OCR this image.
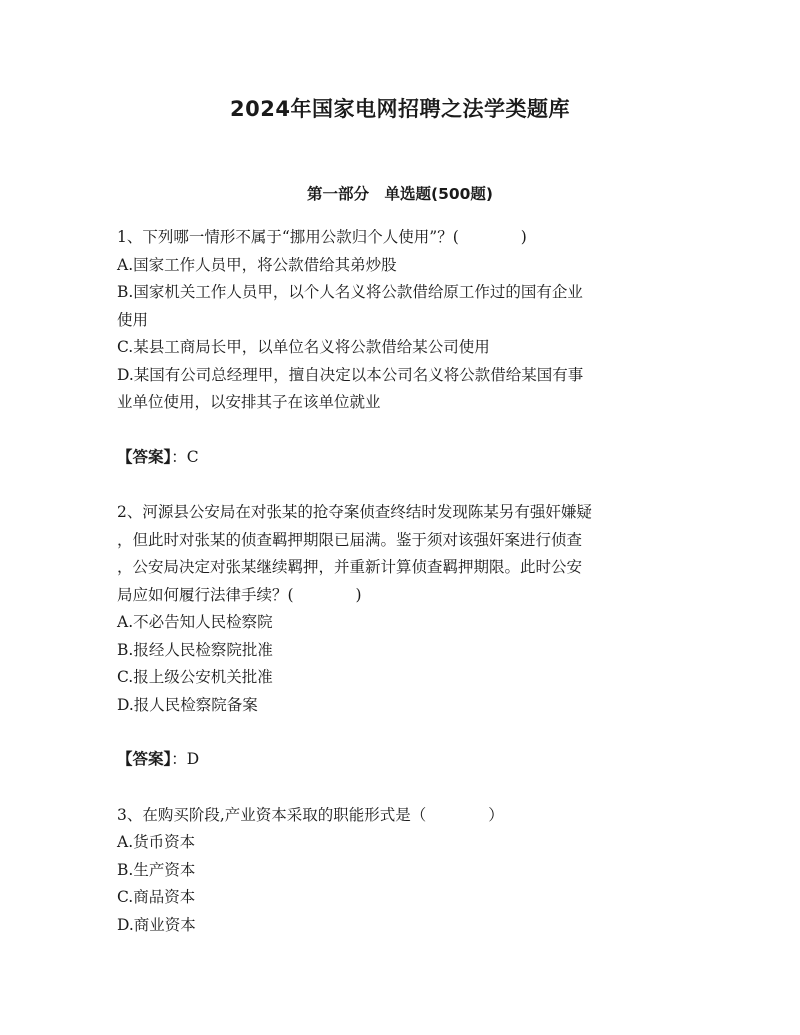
2024年国家电网招聘之法学类题库
第一部分　单选题(500题)
1、下列哪一情形不属于“挪用公款归个人使用”？(　　　　)
A.国家工作人员甲，将公款借给其弟炒股
B.国家机关工作人员甲，以个人名义将公款借给原工作过的国有企业
使用
C.某县工商局长甲，以单位名义将公款借给某公司使用
D.某国有公司总经理甲，擅自决定以本公司名义将公款借给某国有事
业单位使用，以安排其子在该单位就业
【答案】：C
2、河源县公安局在对张某的抢夺案侦查终结时发现陈某另有强奸嫌疑
，但此时对张某的侦查羁押期限已届满。鉴于须对该强奸案进行侦查
，公安局决定对张某继续羁押，并重新计算侦查羁押期限。此时公安
局应如何履行法律手续？(　　　　)
A.不必告知人民检察院
B.报经人民检察院批准
C.报上级公安机关批准
D.报人民检察院备案
【答案】：D
3、在购买阶段,产业资本采取的职能形式是（　　　　）
A.货币资本
B.生产资本
C.商品资本
D.商业资本
